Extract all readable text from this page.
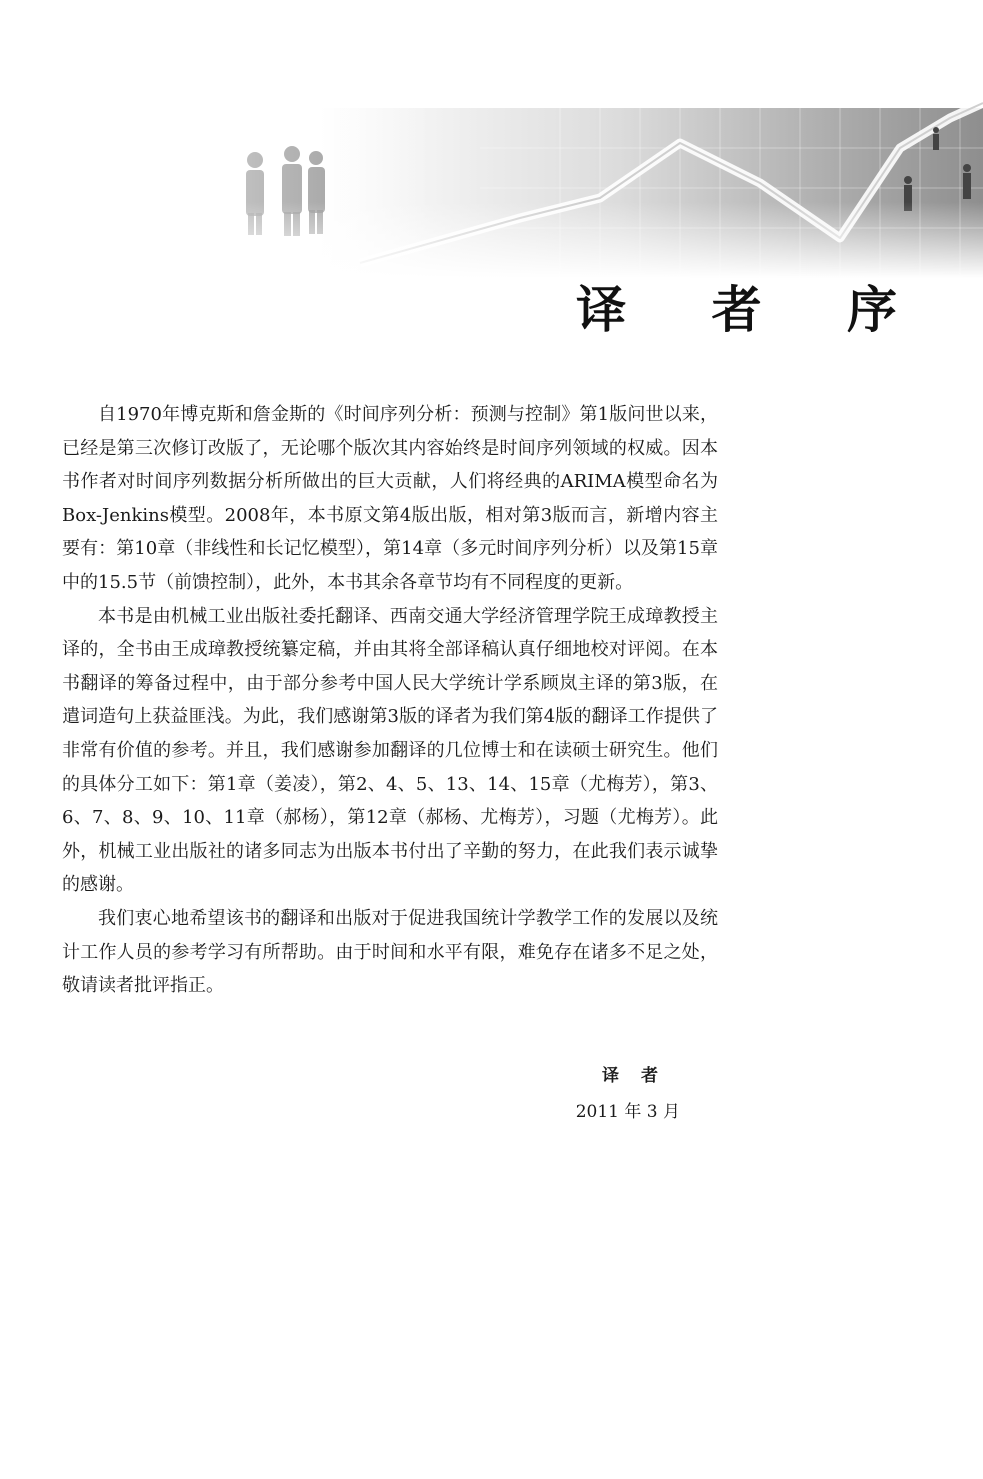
译 者 序

自1970年博克斯和詹金斯的《时间序列分析：预测与控制》第1版问世以来，已经是第三次修订改版了，无论哪个版次其内容始终是时间序列领域的权威。因本书作者对时间序列数据分析所做出的巨大贡献，人们将经典的ARIMA模型命名为Box-Jenkins模型。2008年，本书原文第4版出版，相对第3版而言，新增内容主要有：第10章（非线性和长记忆模型），第14章（多元时间序列分析）以及第15章中的15.5节（前馈控制），此外，本书其余各章节均有不同程度的更新。

本书是由机械工业出版社委托翻译、西南交通大学经济管理学院王成璋教授主译的，全书由王成璋教授统纂定稿，并由其将全部译稿认真仔细地校对评阅。在本书翻译的筹备过程中，由于部分参考中国人民大学统计学系顾岚主译的第3版，在遣词造句上获益匪浅。为此，我们感谢第3版的译者为我们第4版的翻译工作提供了非常有价值的参考。并且，我们感谢参加翻译的几位博士和在读硕士研究生。他们的具体分工如下：第1章（姜凌），第2、4、5、13、14、15章（尤梅芳），第3、6、7、8、9、10、11章（郝杨），第12章（郝杨、尤梅芳），习题（尤梅芳）。此外，机械工业出版社的诸多同志为出版本书付出了辛勤的努力，在此我们表示诚挚的感谢。

我们衷心地希望该书的翻译和出版对于促进我国统计学教学工作的发展以及统计工作人员的参考学习有所帮助。由于时间和水平有限，难免存在诸多不足之处，敬请读者批评指正。

译者
2011 年 3 月
